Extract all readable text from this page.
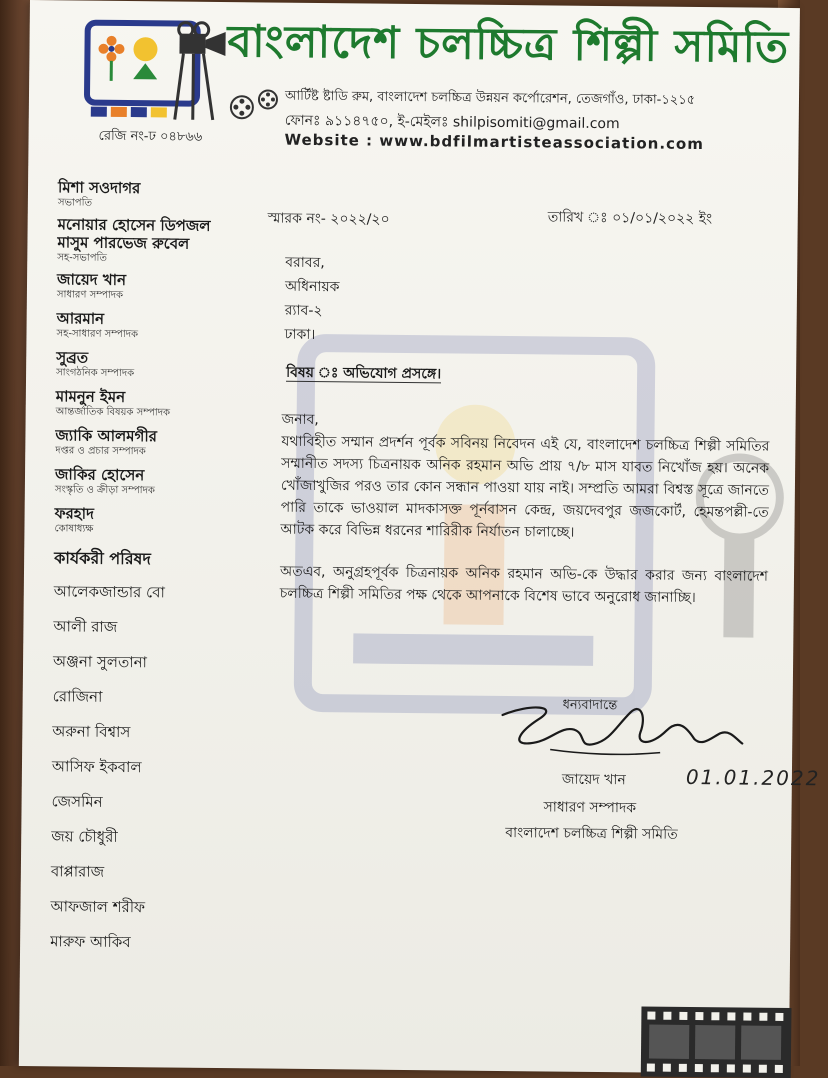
বাংলাদেশ চলচ্চিত্র শিল্পী সমিতি
আর্টিষ্ট ষ্টাডি রুম, বাংলাদেশ চলচ্চিত্র উন্নয়ন কর্পোরেশন, তেজগাঁও, ঢাকা-১২১৫
ফোনঃ ৯১১৪৭৫০, ই-মেইলঃ shilpisomiti@gmail.com
Website : www.bdfilmartisteassociation.com
রেজি নং-ঢ ০৪৮৬৬
মিশা সওদাগর
সভাপতি
মনোয়ার হোসেন ডিপজল
মাসুম পারভেজ রুবেল
সহ-সভাপতি
জায়েদ খান
সাধারণ সম্পাদক
আরমান
সহ-সাধারণ সম্পাদক
সুব্রত
সাংগঠনিক সম্পাদক
মামনুন ইমন
আন্তর্জাতিক বিষয়ক সম্পাদক
জ্যাকি আলমগীর
দপ্তর ও প্রচার সম্পাদক
জাকির হোসেন
সংস্কৃতি ও ক্রীড়া সম্পাদক
ফরহাদ
কোষাধ্যক্ষ
কার্যকরী পরিষদ
আলেকজান্ডার বো
আলী রাজ
অঞ্জনা সুলতানা
রোজিনা
অরুনা বিশ্বাস
আসিফ ইকবাল
জেসমিন
জয় চৌধুরী
বাপ্পারাজ
আফজাল শরীফ
মারুফ আকিব
স্মারক নং- ২০২২/২০	তারিখ ঃ ০১/০১/২০২২ ইং
বরাবর,
অধিনায়ক
র‍্যাব-২
ঢাকা।
বিষয় ঃ অভিযোগ প্রসঙ্গে।
জনাব,

যথাবিহীত সম্মান প্রদর্শন পূর্বক সবিনয় নিবেদন এই যে, বাংলাদেশ চলচ্চিত্র শিল্পী সমিতির সম্মানীত সদস্য চিত্রনায়ক অনিক রহমান অভি প্রায় ৭/৮ মাস যাবত নিখোঁজ হয়। অনেক খোঁজাখুজির পরও তার কোন সন্ধান পাওয়া যায় নাই। সম্প্রতি আমরা বিশ্বস্ত সূত্রে জানতে পারি তাকে ভাওয়াল মাদকাসক্ত পূর্নবাসন কেন্দ্র, জয়দেবপুর জজকোর্ট, হেমন্তপল্লী-তে আটক করে বিভিন্ন ধরনের শারিরীক নির্যাতন চালাচ্ছে।

অতএব, অনুগ্রহপূর্বক চিত্রনায়ক অনিক রহমান অভি-কে উদ্ধার করার জন্য বাংলাদেশ চলচ্চিত্র শিল্পী সমিতির পক্ষ থেকে আপনাকে বিশেষ ভাবে অনুরোধ জানাচ্ছি।

ধন্যবাদান্তে
01.01.2022
জায়েদ খান
সাধারণ সম্পাদক
বাংলাদেশ চলচ্চিত্র শিল্পী সমিতি
